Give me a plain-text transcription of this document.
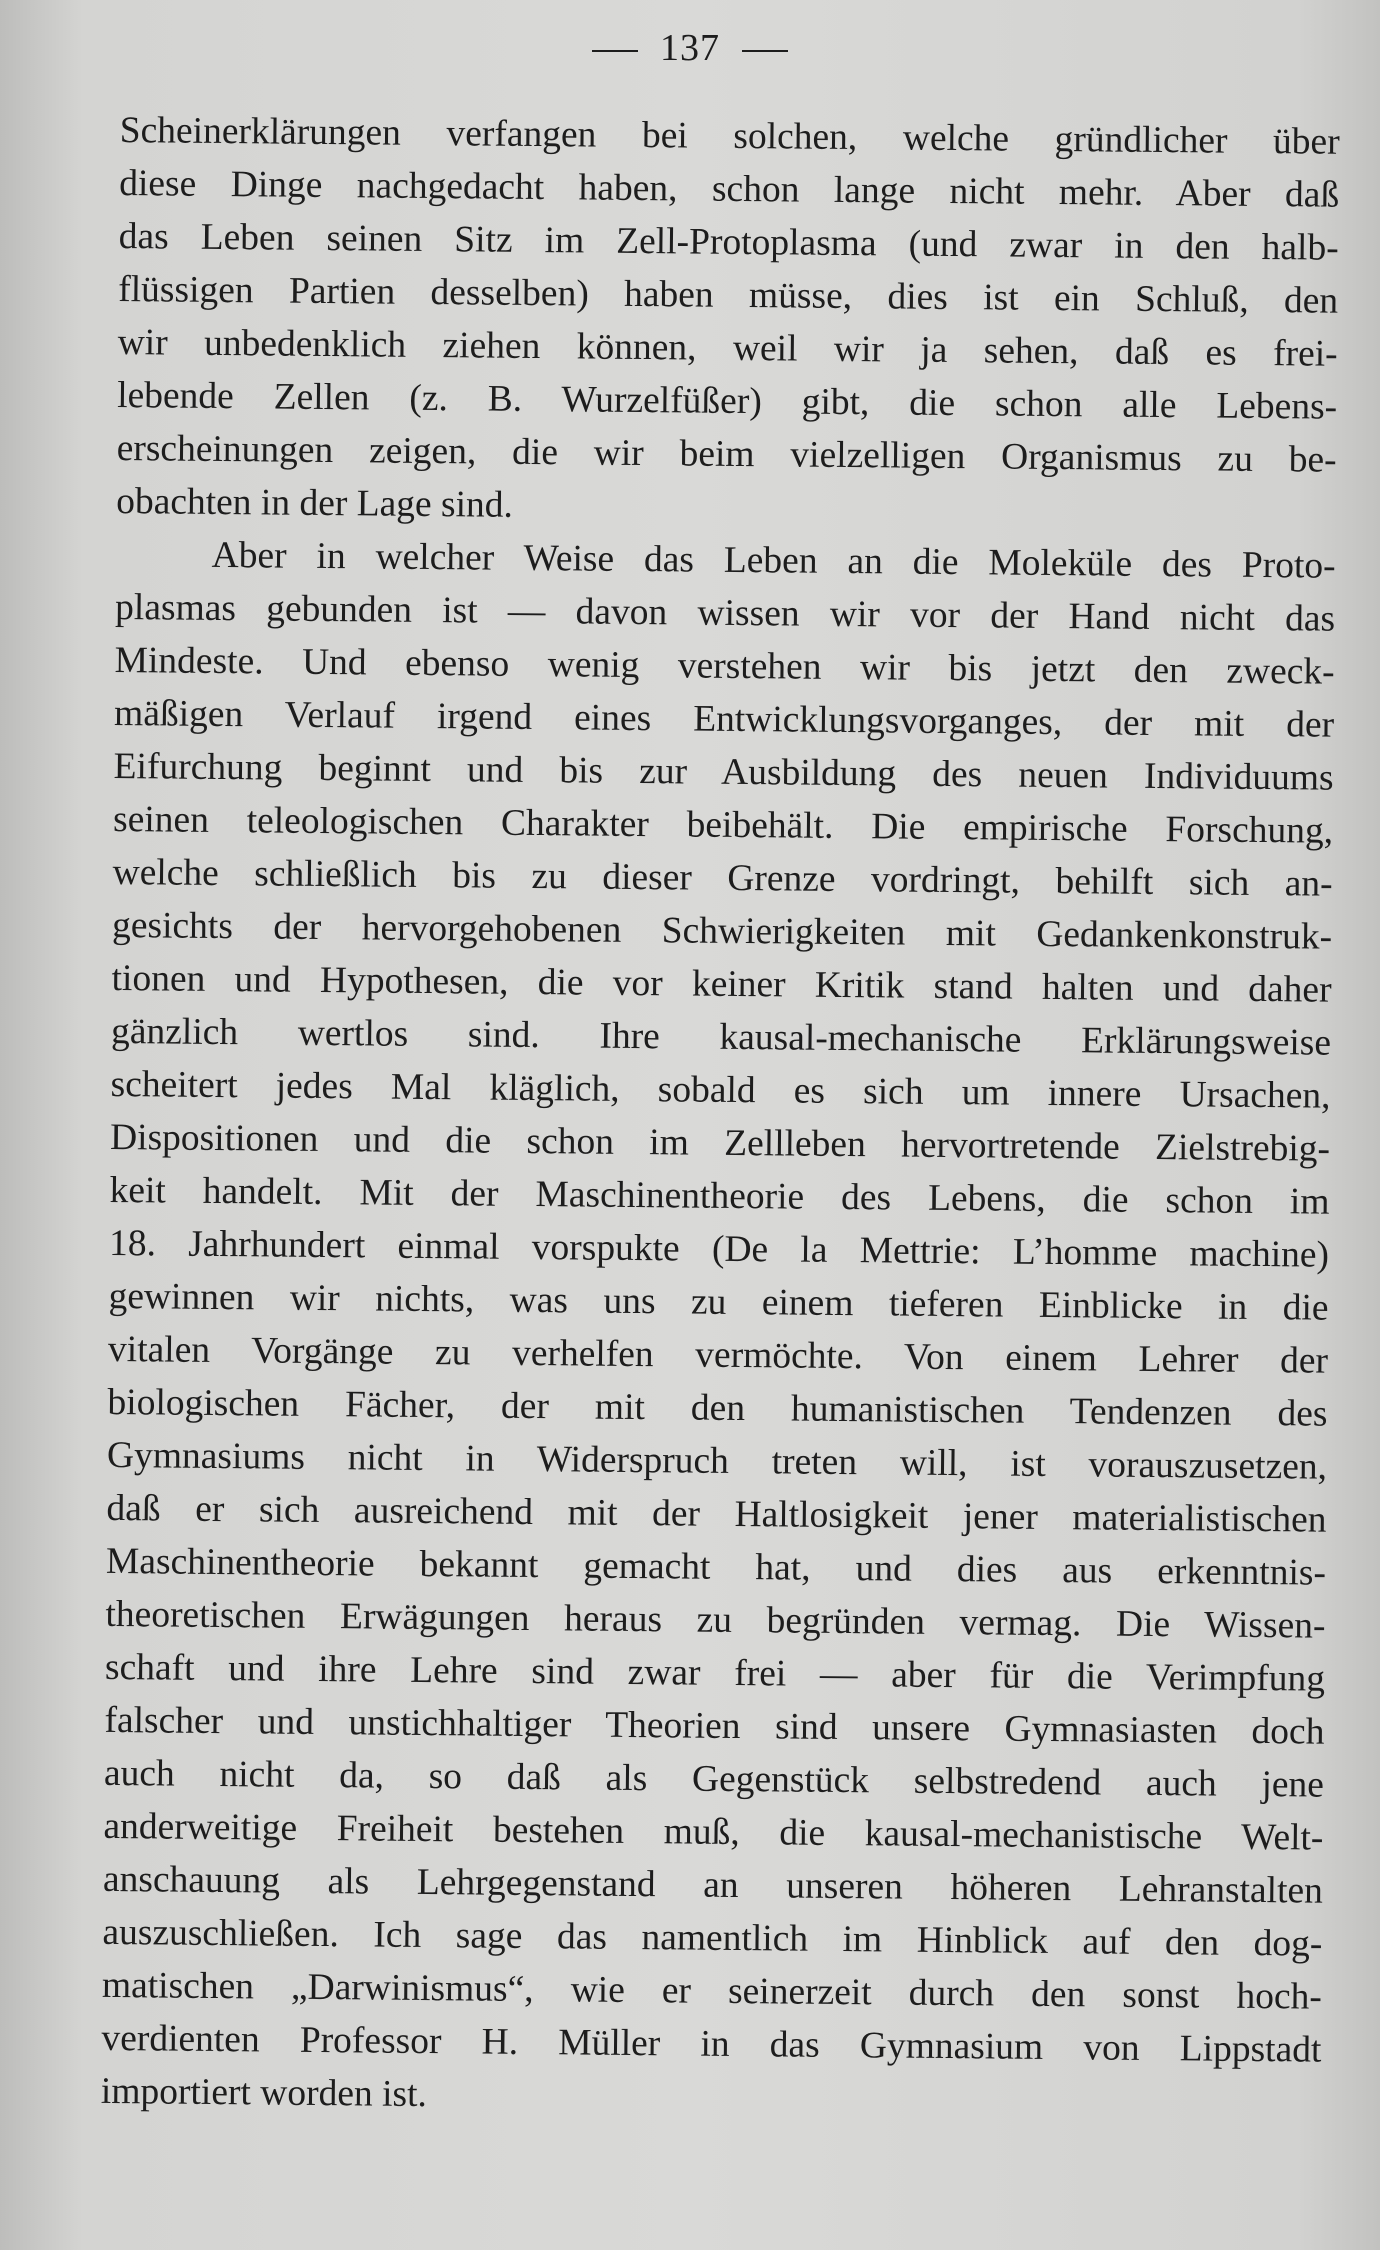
137
Scheinerklärungen verfangen bei solchen, welche gründlicher über
diese Dinge nachgedacht haben, schon lange nicht mehr. Aber daß
das Leben seinen Sitz im Zell-Protoplasma (und zwar in den halb-
flüssigen Partien desselben) haben müsse, dies ist ein Schluß, den
wir unbedenklich ziehen können, weil wir ja sehen, daß es frei-
lebende Zellen (z. B. Wurzelfüßer) gibt, die schon alle Lebens-
erscheinungen zeigen, die wir beim vielzelligen Organismus zu be-
obachten in der Lage sind.
Aber in welcher Weise das Leben an die Moleküle des Proto-
plasmas gebunden ist — davon wissen wir vor der Hand nicht das
Mindeste. Und ebenso wenig verstehen wir bis jetzt den zweck-
mäßigen Verlauf irgend eines Entwicklungsvorganges, der mit der
Eifurchung beginnt und bis zur Ausbildung des neuen Individuums
seinen teleologischen Charakter beibehält. Die empirische Forschung,
welche schließlich bis zu dieser Grenze vordringt, behilft sich an-
gesichts der hervorgehobenen Schwierigkeiten mit Gedankenkonstruk-
tionen und Hypothesen, die vor keiner Kritik stand halten und daher
gänzlich wertlos sind. Ihre kausal-mechanische Erklärungsweise
scheitert jedes Mal kläglich, sobald es sich um innere Ursachen,
Dispositionen und die schon im Zellleben hervortretende Zielstrebig-
keit handelt. Mit der Maschinentheorie des Lebens, die schon im
18. Jahrhundert einmal vorspukte (De la Mettrie: L’homme machine)
gewinnen wir nichts, was uns zu einem tieferen Einblicke in die
vitalen Vorgänge zu verhelfen vermöchte. Von einem Lehrer der
biologischen Fächer, der mit den humanistischen Tendenzen des
Gymnasiums nicht in Widerspruch treten will, ist vorauszusetzen,
daß er sich ausreichend mit der Haltlosigkeit jener materialistischen
Maschinentheorie bekannt gemacht hat, und dies aus erkenntnis-
theoretischen Erwägungen heraus zu begründen vermag. Die Wissen-
schaft und ihre Lehre sind zwar frei — aber für die Verimpfung
falscher und unstichhaltiger Theorien sind unsere Gymnasiasten doch
auch nicht da, so daß als Gegenstück selbstredend auch jene
anderweitige Freiheit bestehen muß, die kausal-mechanistische Welt-
anschauung als Lehrgegenstand an unseren höheren Lehranstalten
auszuschließen. Ich sage das namentlich im Hinblick auf den dog-
matischen „Darwinismus“, wie er seinerzeit durch den sonst hoch-
verdienten Professor H. Müller in das Gymnasium von Lippstadt
importiert worden ist.
